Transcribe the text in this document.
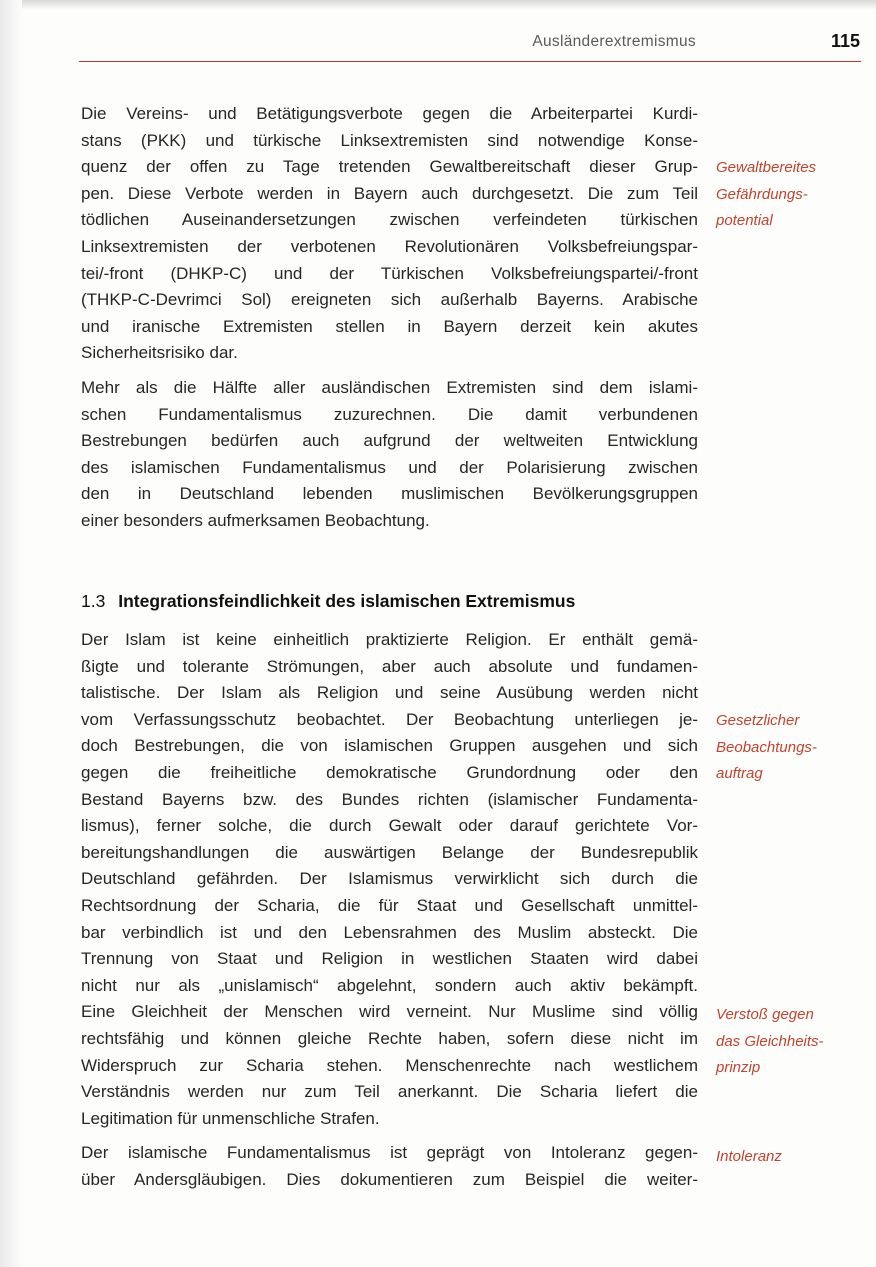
Ausländerextremismus	115

Die Vereins- und Betätigungsverbote gegen die Arbeiterpartei Kurdi-
stans (PKK) und türkische Linksextremisten sind notwendige Konse-
quenz der offen zu Tage tretenden Gewaltbereitschaft dieser Grup-
pen. Diese Verbote werden in Bayern auch durchgesetzt. Die zum Teil
tödlichen Auseinandersetzungen zwischen verfeindeten türkischen
Linksextremisten der verbotenen Revolutionären Volksbefreiungspar-
tei/-front (DHKP-C) und der Türkischen Volksbefreiungspartei/-front
(THKP-C-Devrimci Sol) ereigneten sich außerhalb Bayerns. Arabische
und iranische Extremisten stellen in Bayern derzeit kein akutes
Sicherheitsrisiko dar.

Mehr als die Hälfte aller ausländischen Extremisten sind dem islami-
schen Fundamentalismus zuzurechnen. Die damit verbundenen
Bestrebungen bedürfen auch aufgrund der weltweiten Entwicklung
des islamischen Fundamentalismus und der Polarisierung zwischen
den in Deutschland lebenden muslimischen Bevölkerungsgruppen
einer besonders aufmerksamen Beobachtung.

1.3 Integrationsfeindlichkeit des islamischen Extremismus

Der Islam ist keine einheitlich praktizierte Religion. Er enthält gemä-
ßigte und tolerante Strömungen, aber auch absolute und fundamen-
talistische. Der Islam als Religion und seine Ausübung werden nicht
vom Verfassungsschutz beobachtet. Der Beobachtung unterliegen je-
doch Bestrebungen, die von islamischen Gruppen ausgehen und sich
gegen die freiheitliche demokratische Grundordnung oder den
Bestand Bayerns bzw. des Bundes richten (islamischer Fundamenta-
lismus), ferner solche, die durch Gewalt oder darauf gerichtete Vor-
bereitungshandlungen die auswärtigen Belange der Bundesrepublik
Deutschland gefährden. Der Islamismus verwirklicht sich durch die
Rechtsordnung der Scharia, die für Staat und Gesellschaft unmittel-
bar verbindlich ist und den Lebensrahmen des Muslim absteckt. Die
Trennung von Staat und Religion in westlichen Staaten wird dabei
nicht nur als „unislamisch“ abgelehnt, sondern auch aktiv bekämpft.
Eine Gleichheit der Menschen wird verneint. Nur Muslime sind völlig
rechtsfähig und können gleiche Rechte haben, sofern diese nicht im
Widerspruch zur Scharia stehen. Menschenrechte nach westlichem
Verständnis werden nur zum Teil anerkannt. Die Scharia liefert die
Legitimation für unmenschliche Strafen.

Der islamische Fundamentalismus ist geprägt von Intoleranz gegen-
über Andersgläubigen. Dies dokumentieren zum Beispiel die weiter-

Gewaltbereites
Gefährdungs-
potential
Gesetzlicher
Beobachtungs-
auftrag
Verstoß gegen
das Gleichheits-
prinzip
Intoleranz
